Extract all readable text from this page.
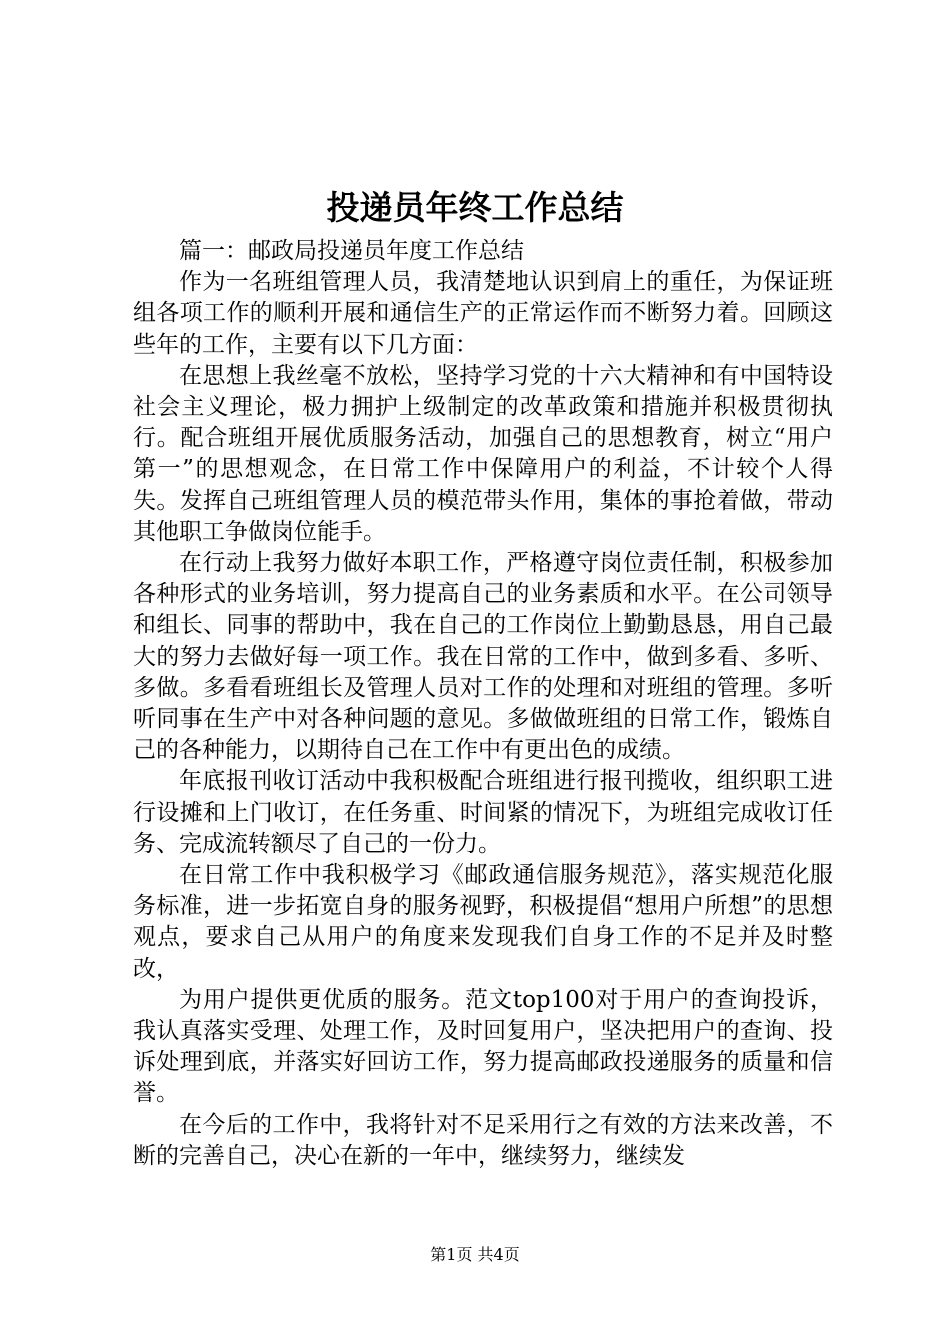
投递员年终工作总结

篇一：邮政局投递员年度工作总结

作为一名班组管理人员，我清楚地认识到肩上的重任，为保证班组各项工作的顺利开展和通信生产的正常运作而不断努力着。回顾这些年的工作，主要有以下几方面：

在思想上我丝毫不放松，坚持学习党的十六大精神和有中国特设社会主义理论，极力拥护上级制定的改革政策和措施并积极贯彻执行。配合班组开展优质服务活动，加强自己的思想教育，树立“用户第一”的思想观念，在日常工作中保障用户的利益，不计较个人得失。发挥自己班组管理人员的模范带头作用，集体的事抢着做，带动其他职工争做岗位能手。

在行动上我努力做好本职工作，严格遵守岗位责任制，积极参加各种形式的业务培训，努力提高自己的业务素质和水平。在公司领导和组长、同事的帮助中，我在自己的工作岗位上勤勤恳恳，用自己最大的努力去做好每一项工作。我在日常的工作中，做到多看、多听、多做。多看看班组长及管理人员对工作的处理和对班组的管理。多听听同事在生产中对各种问题的意见。多做做班组的日常工作，锻炼自己的各种能力，以期待自己在工作中有更出色的成绩。

年底报刊收订活动中我积极配合班组进行报刊揽收，组织职工进行设摊和上门收订，在任务重、时间紧的情况下，为班组完成收订任务、完成流转额尽了自己的一份力。

在日常工作中我积极学习《邮政通信服务规范》，落实规范化服务标准，进一步拓宽自身的服务视野，积极提倡“想用户所想”的思想观点，要求自己从用户的角度来发现我们自身工作的不足并及时整改，

为用户提供更优质的服务。范文top100对于用户的查询投诉，我认真落实受理、处理工作，及时回复用户，坚决把用户的查询、投诉处理到底，并落实好回访工作，努力提高邮政投递服务的质量和信誉。

在今后的工作中，我将针对不足采用行之有效的方法来改善，不断的完善自己，决心在新的一年中，继续努力，继续发

第1页 共4页
